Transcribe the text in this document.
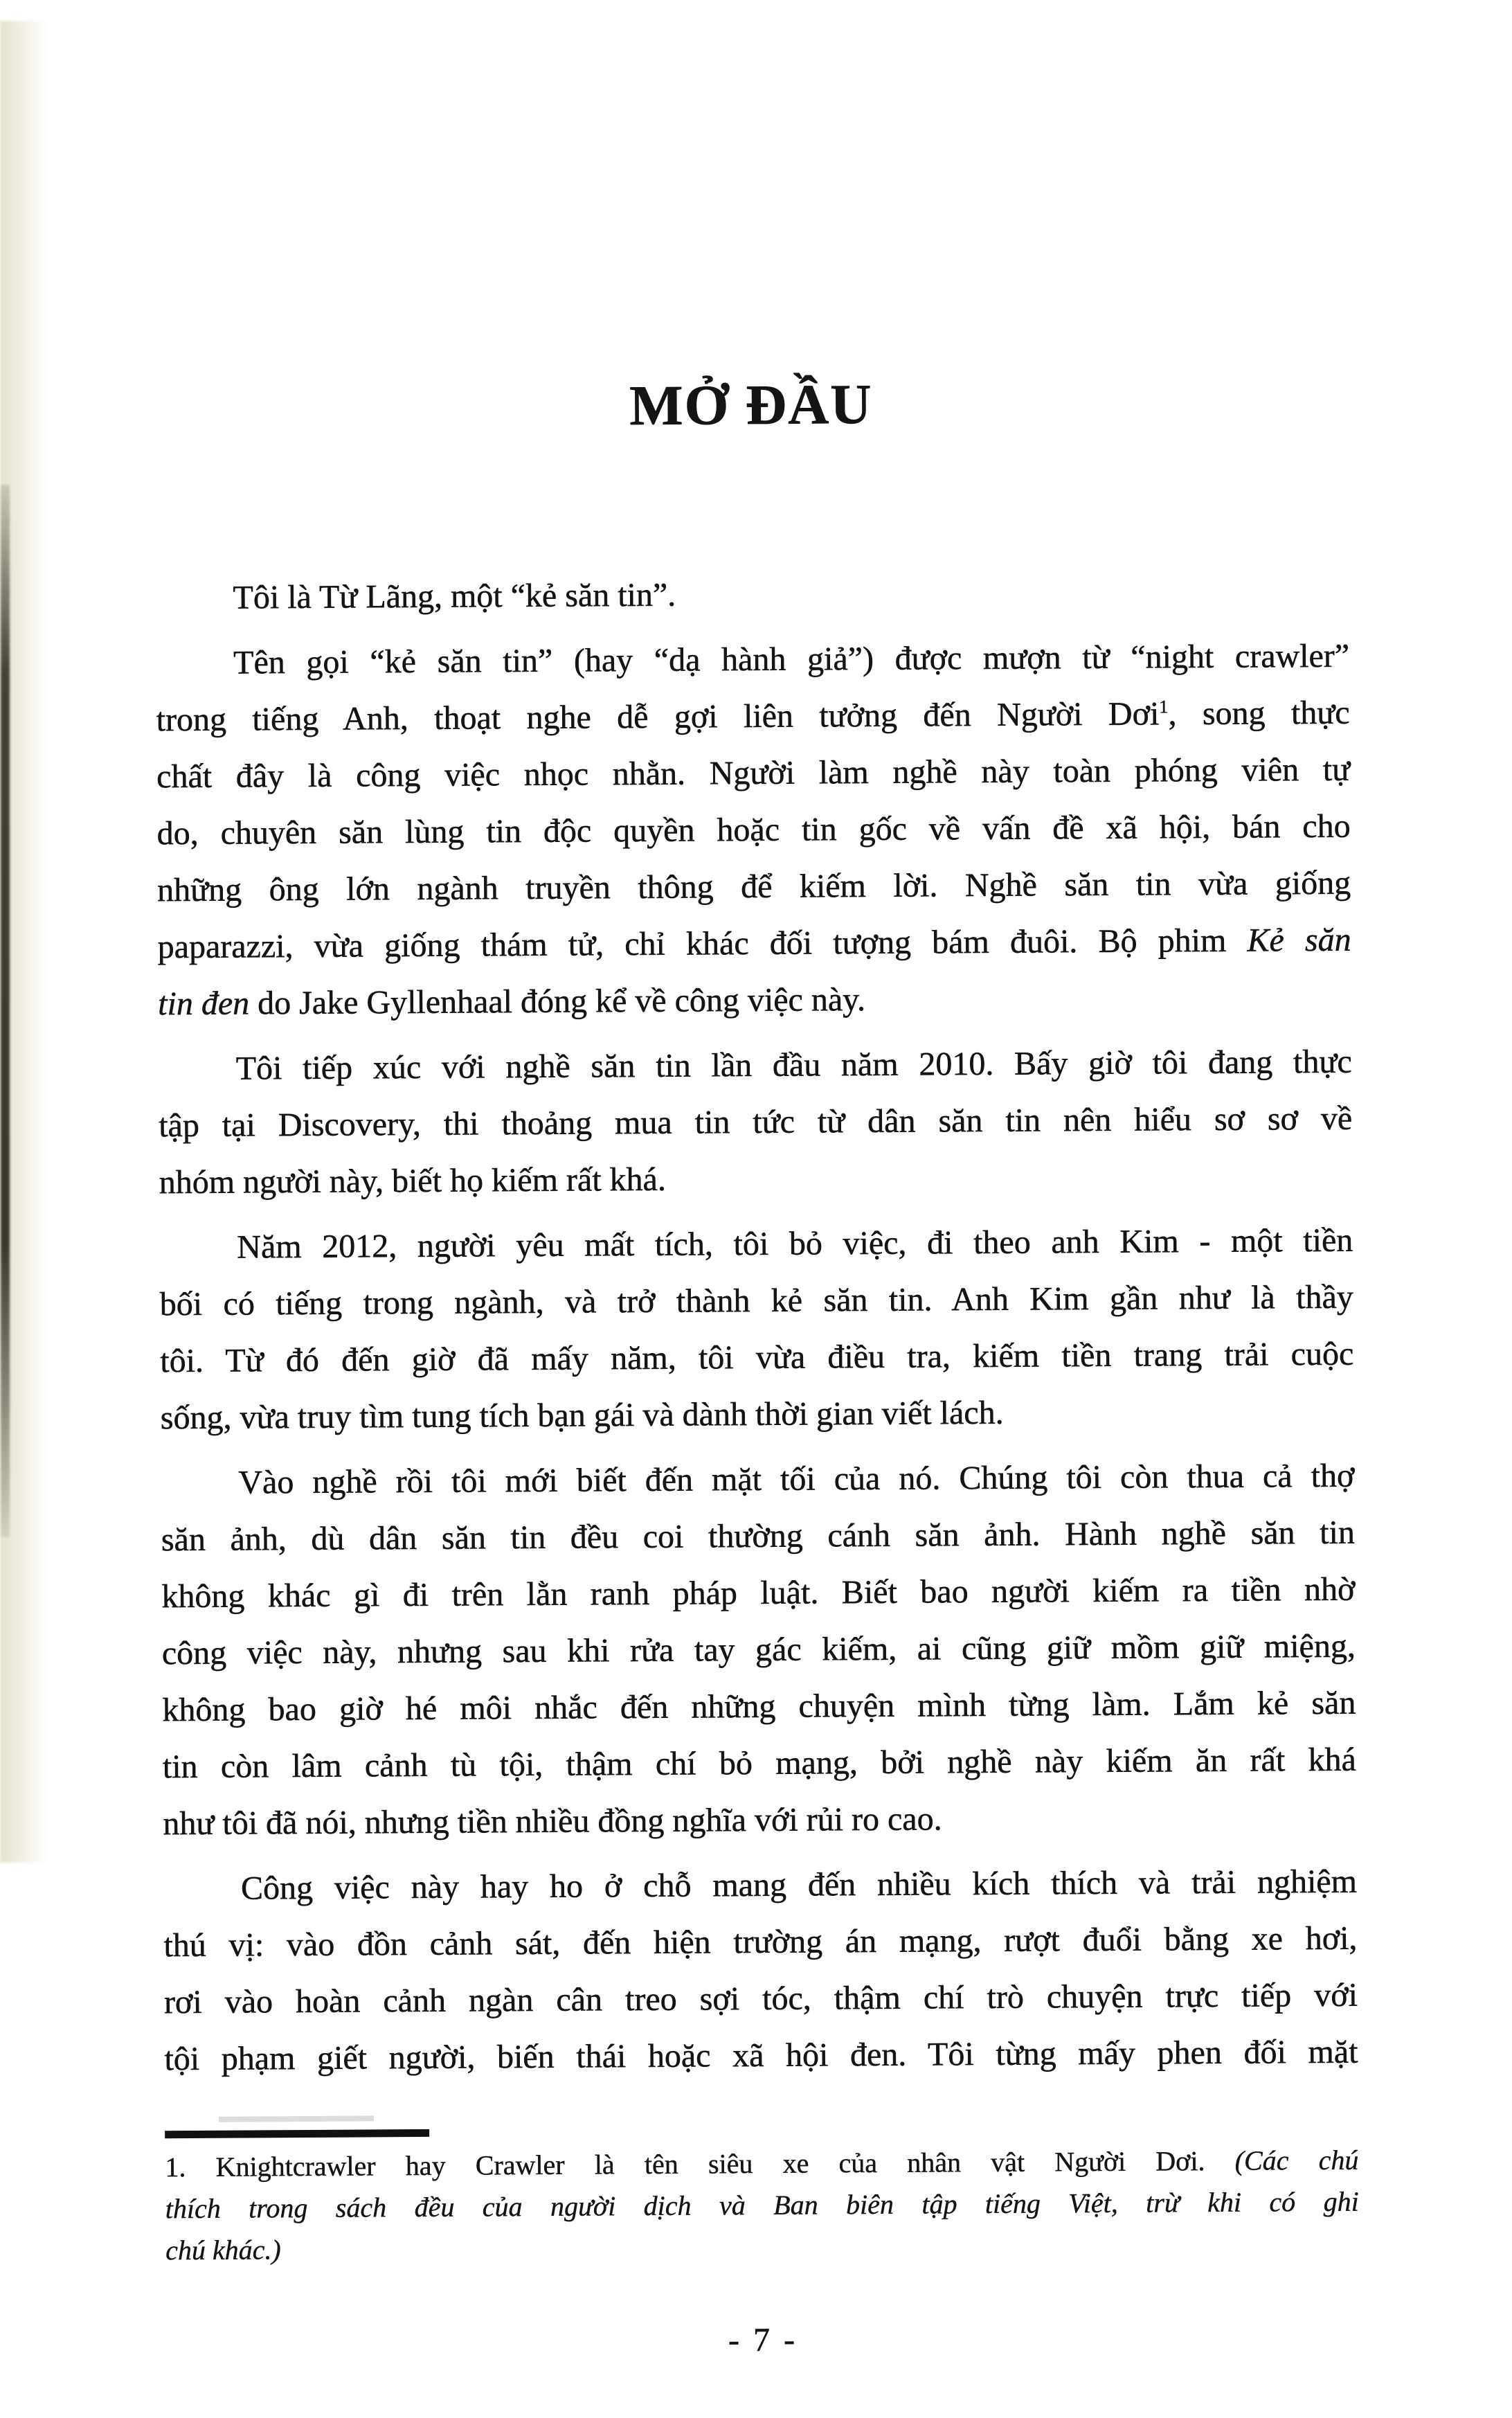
MỞ ĐẦU
Tôi là Từ Lãng, một “kẻ săn tin”.
Tên gọi “kẻ săn tin” (hay “dạ hành giả”) được mượn từ “night crawler”
trong tiếng Anh, thoạt nghe dễ gợi liên tưởng đến Người Dơi$^1$, song thực
chất đây là công việc nhọc nhằn. Người làm nghề này toàn phóng viên tự
do, chuyên săn lùng tin độc quyền hoặc tin gốc về vấn đề xã hội, bán cho
những ông lớn ngành truyền thông để kiếm lời. Nghề săn tin vừa giống
paparazzi, vừa giống thám tử, chỉ khác đối tượng bám đuôi. Bộ phim Kẻ săn
tin đen do Jake Gyllenhaal đóng kể về công việc này.
Tôi tiếp xúc với nghề săn tin lần đầu năm 2010. Bấy giờ tôi đang thực
tập tại Discovery, thi thoảng mua tin tức từ dân săn tin nên hiểu sơ sơ về
nhóm người này, biết họ kiếm rất khá.
Năm 2012, người yêu mất tích, tôi bỏ việc, đi theo anh Kim - một tiền
bối có tiếng trong ngành, và trở thành kẻ săn tin. Anh Kim gần như là thầy
tôi. Từ đó đến giờ đã mấy năm, tôi vừa điều tra, kiếm tiền trang trải cuộc
sống, vừa truy tìm tung tích bạn gái và dành thời gian viết lách.
Vào nghề rồi tôi mới biết đến mặt tối của nó. Chúng tôi còn thua cả thợ
săn ảnh, dù dân săn tin đều coi thường cánh săn ảnh. Hành nghề săn tin
không khác gì đi trên lằn ranh pháp luật. Biết bao người kiếm ra tiền nhờ
công việc này, nhưng sau khi rửa tay gác kiếm, ai cũng giữ mồm giữ miệng,
không bao giờ hé môi nhắc đến những chuyện mình từng làm. Lắm kẻ săn
tin còn lâm cảnh tù tội, thậm chí bỏ mạng, bởi nghề này kiếm ăn rất khá
như tôi đã nói, nhưng tiền nhiều đồng nghĩa với rủi ro cao.
Công việc này hay ho ở chỗ mang đến nhiều kích thích và trải nghiệm
thú vị: vào đồn cảnh sát, đến hiện trường án mạng, rượt đuổi bằng xe hơi,
rơi vào hoàn cảnh ngàn cân treo sợi tóc, thậm chí trò chuyện trực tiếp với
tội phạm giết người, biến thái hoặc xã hội đen. Tôi từng mấy phen đối mặt
1. Knightcrawler hay Crawler là tên siêu xe của nhân vật Người Dơi. (Các chú
thích trong sách đều của người dịch và Ban biên tập tiếng Việt, trừ khi có ghi
chú khác.)
- 7 -
